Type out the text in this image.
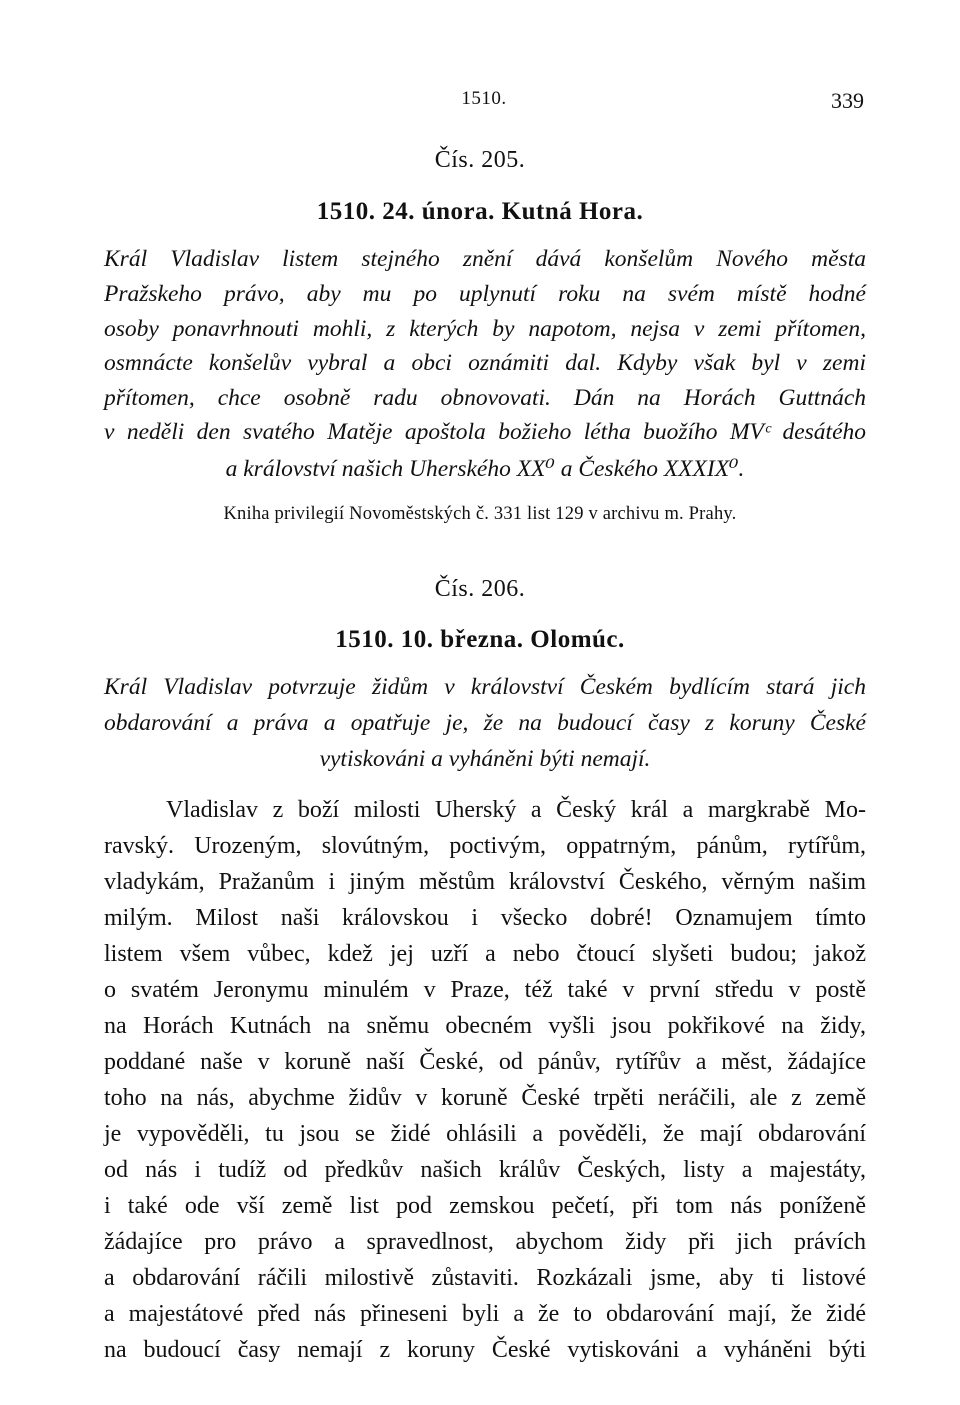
1510.	339
Čís. 205.
1510. 24. února. Kutná Hora.
Král Vladislav listem stejného znění dává konšelům Nového města
Pražskeho právo, aby mu po uplynutí roku na svém místě hodné
osoby ponavrhnouti mohli, z kterých by napotom, nejsa v zemi přítomen,
osmnácte konšelův vybral a obci oznámiti dal. Kdyby však byl v zemi
přítomen, chce osobně radu obnovovati. Dán na Horách Guttnách
v neděli den svatého Matěje apoštola božieho létha buožího MVᶜ desátého
a království našich Uherského XX⁰ a Českého XXXIX⁰.
Kniha privilegií Novoměstských č. 331 list 129 v archivu m. Prahy.
Čís. 206.
1510. 10. března. Olomúc.
Král Vladislav potvrzuje židům v království Českém bydlícím stará jich
obdarování a práva a opatřuje je, že na budoucí časy z koruny České
vytiskováni a vyháněni býti nemají.
Vladislav z boží milosti Uherský a Český král a margkrabě Mo-
ravský. Urozeným, slovútným, poctivým, oppatrným, pánům, rytířům,
vladykám, Pražanům i jiným městům království Českého, věrným našim
milým. Milost naši královskou i všecko dobré! Oznamujem tímto
listem všem vůbec, kdež jej uzří a nebo čtoucí slyšeti budou; jakož
o svatém Jeronymu minulém v Praze, též také v první středu v postě
na Horách Kutnách na sněmu obecném vyšli jsou pokřikové na židy,
poddané naše v koruně naší České, od pánův, rytířův a měst, žádajíce
toho na nás, abychme židův v koruně České trpěti neráčili, ale z země
je vypověděli, tu jsou se židé ohlásili a pověděli, že mají obdarování
od nás i tudíž od předkův našich králův Českých, listy a majestáty,
i také ode vší země list pod zemskou pečetí, při tom nás poníženě
žádajíce pro právo a spravedlnost, abychom židy při jich právích
a obdarování ráčili milostivě zůstaviti. Rozkázali jsme, aby ti listové
a majestátové před nás přineseni byli a že to obdarování mají, že židé
na budoucí časy nemají z koruny České vytiskováni a vyháněni býti
